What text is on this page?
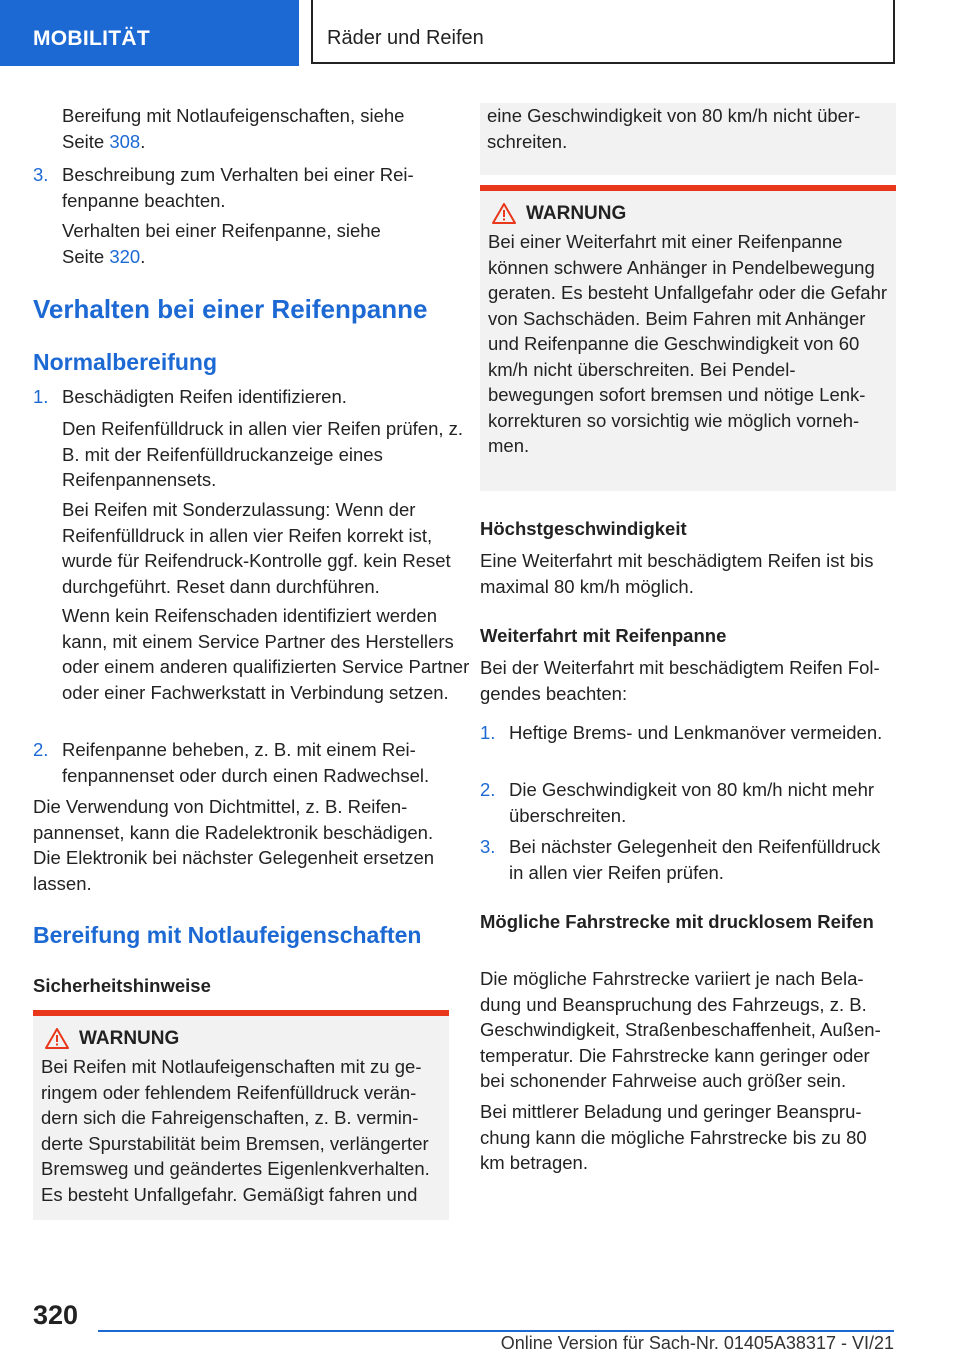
MOBILITÄT	Räder und Reifen
Bereifung mit Notlaufeigenschaften, siehe
Seite 308.
3. Beschreibung zum Verhalten bei einer Reifenpanne beachten.
Verhalten bei einer Reifenpanne, siehe
Seite 320.
Verhalten bei einer Reifenpanne
Normalbereifung
1. Beschädigten Reifen identifizieren.
Den Reifenfülldruck in allen vier Reifen prüfen, z. B. mit der Reifenfülldruckanzeige eines Reifenpannensets.
Bei Reifen mit Sonderzulassung: Wenn der Reifenfülldruck in allen vier Reifen korrekt ist, wurde für Reifendruck-Kontrolle ggf. kein Reset durchgeführt. Reset dann durchführen.
Wenn kein Reifenschaden identifiziert werden kann, mit einem Service Partner des Herstellers oder einem anderen qualifizierten Service Partner oder einer Fachwerkstatt in Verbindung setzen.
2. Reifenpanne beheben, z. B. mit einem Reifenpannenset oder durch einen Radwechsel.
Die Verwendung von Dichtmittel, z. B. Reifenpannenset, kann die Radelektronik beschädigen. Die Elektronik bei nächster Gelegenheit ersetzen lassen.
Bereifung mit Notlaufeigenschaften
Sicherheitshinweise
WARNUNG
Bei Reifen mit Notlaufeigenschaften mit zu geringem oder fehlendem Reifenfülldruck verändern sich die Fahreigenschaften, z. B. verminderte Spurstabilität beim Bremsen, verlängerter Bremsweg und geändertes Eigenlenkverhalten. Es besteht Unfallgefahr. Gemäßigt fahren und
eine Geschwindigkeit von 80 km/h nicht überschreiten.
WARNUNG
Bei einer Weiterfahrt mit einer Reifenpanne können schwere Anhänger in Pendelbewegung geraten. Es besteht Unfallgefahr oder die Gefahr von Sachschäden. Beim Fahren mit Anhänger und Reifenpanne die Geschwindigkeit von 60 km/h nicht überschreiten. Bei Pendelbewegungen sofort bremsen und nötige Lenkkorrekturen so vorsichtig wie möglich vornehmen.
Höchstgeschwindigkeit
Eine Weiterfahrt mit beschädigtem Reifen ist bis maximal 80 km/h möglich.
Weiterfahrt mit Reifenpanne
Bei der Weiterfahrt mit beschädigtem Reifen Folgendes beachten:
1. Heftige Brems- und Lenkmanöver vermeiden.
2. Die Geschwindigkeit von 80 km/h nicht mehr überschreiten.
3. Bei nächster Gelegenheit den Reifenfülldruck in allen vier Reifen prüfen.
Mögliche Fahrstrecke mit drucklosem Reifen
Die mögliche Fahrstrecke variiert je nach Beladung und Beanspruchung des Fahrzeugs, z. B. Geschwindigkeit, Straßenbeschaffenheit, Außentemperatur. Die Fahrstrecke kann geringer oder bei schonender Fahrweise auch größer sein.
Bei mittlerer Beladung und geringer Beanspruchung kann die mögliche Fahrstrecke bis zu 80 km betragen.
320
Online Version für Sach-Nr. 01405A38317 - VI/21
